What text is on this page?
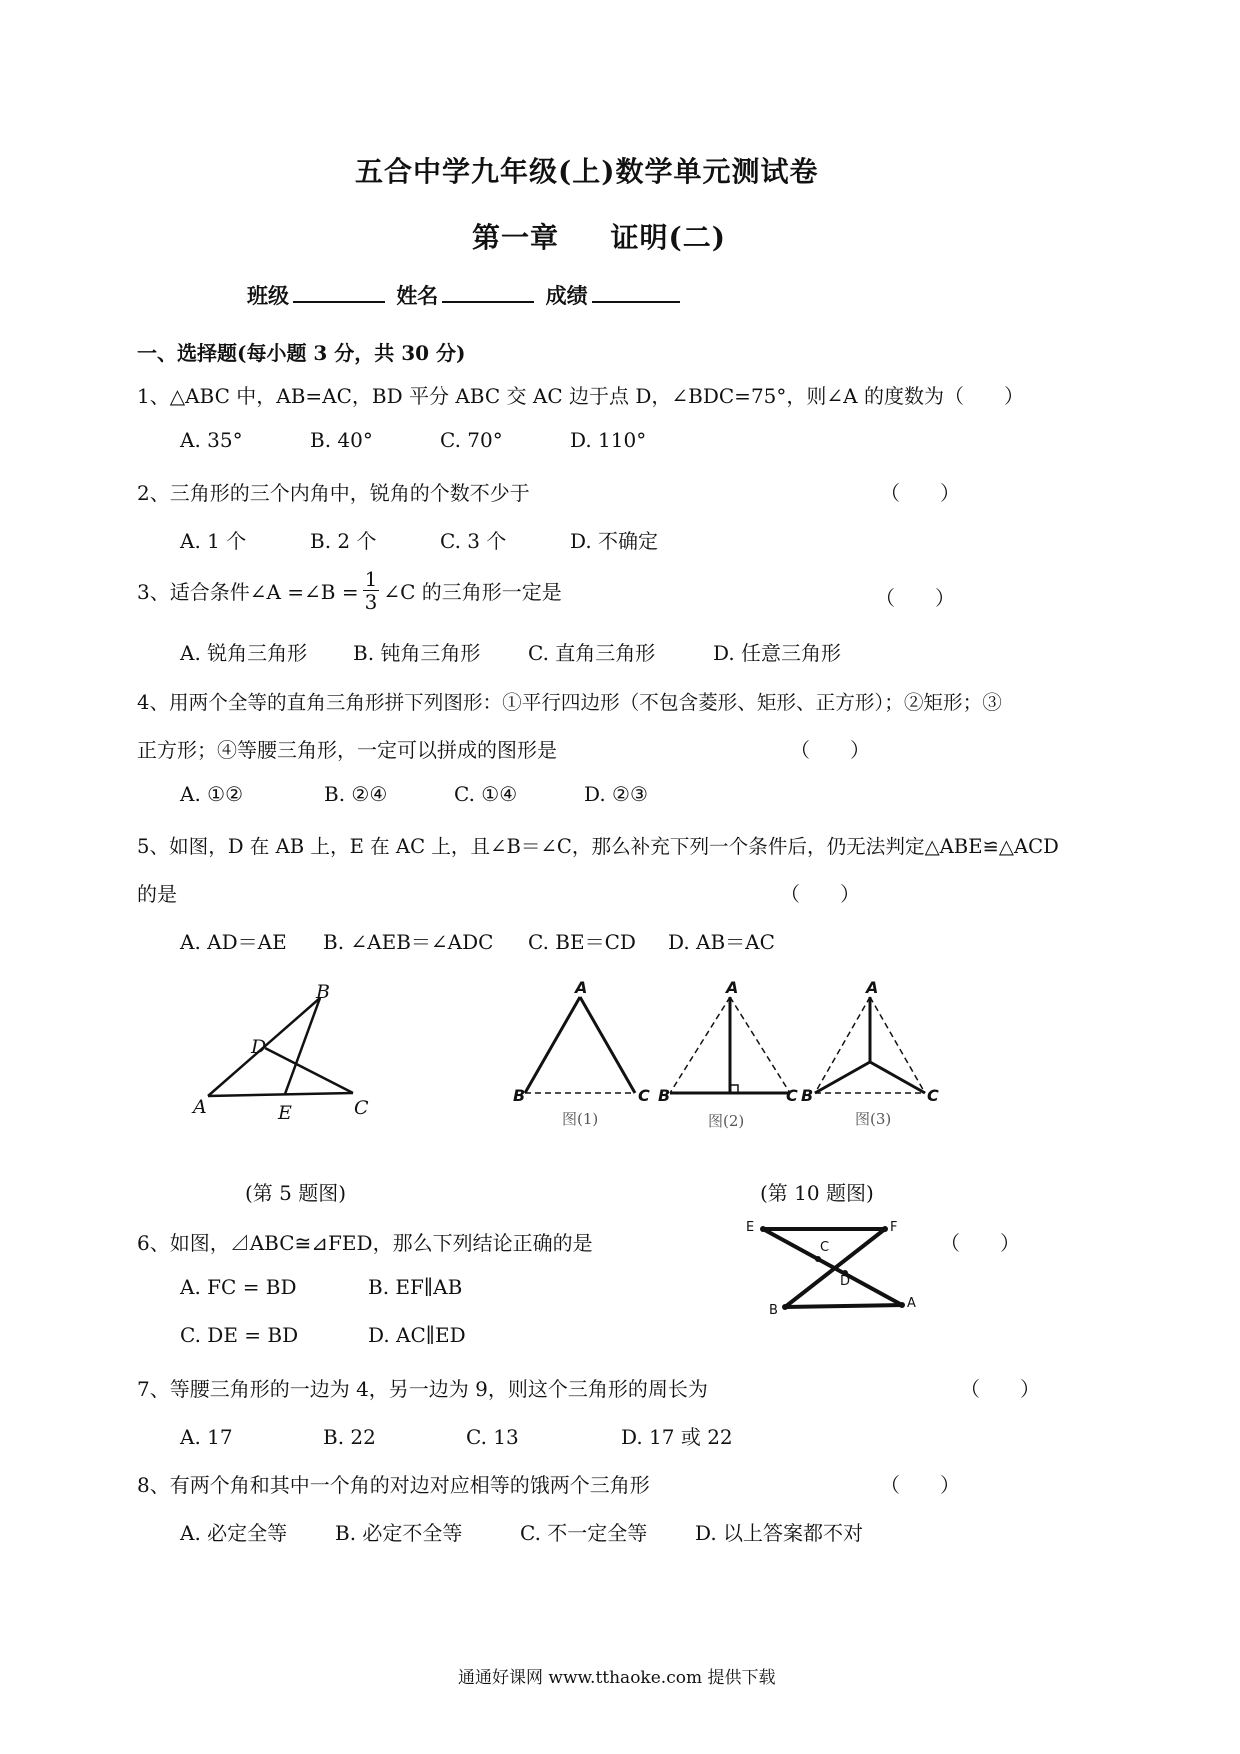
五合中学九年级(上)数学单元测试卷
第一章 证明(二)
班级	姓名	成绩
一、选择题(每小题 3 分，共 30 分)
1、△ABC 中，AB=AC，BD 平分 ABC 交 AC 边于点 D，∠BDC=75°，则∠A 的度数为（　　）
A. 35°	B. 40°	C. 70°	D. 110°
2、三角形的三个内角中，锐角的个数不少于	（　　）
A. 1 个	B. 2 个	C. 3 个	D. 不确定
3、适合条件∠A =∠B = $\frac{1}{3}$ ∠C 的三角形一定是	（　　）
A. 锐角三角形 B. 钝角三角形 C. 直角三角形	D. 任意三角形
4、用两个全等的直角三角形拼下列图形：①平行四边形（不包含菱形、矩形、正方形）；②矩形；③
正方形；④等腰三角形，一定可以拼成的图形是	（　　）
A. ①②	B. ②④	C. ①④	D. ②③
5、如图，D 在 AB 上，E 在 AC 上，且∠B＝∠C，那么补充下列一个条件后，仍无法判定△ABE≌△ACD
的是	（　　）
A. AD＝AE B. ∠AEB＝∠ADC C. BE＝CD D. AB＝AC
B
D
A	E	C
(第 5 题图)
A
B	C
A
B	C
A
B	C
图(1)	图(2)	图(3)
(第 10 题图)
6、如图，⊿ABC≅⊿FED，那么下列结论正确的是	（　　）
A. FC = BD	B. EF∥AB
C. DE = BD	D. AC∥ED
E	F
C
D
B	A
7、等腰三角形的一边为 4，另一边为 9，则这个三角形的周长为	（　　）
A. 17	B. 22	C. 13	D. 17 或 22
8、有两个角和其中一个角的对边对应相等的饿两个三角形	（　　）
A. 必定全等 B. 必定不全等	C. 不一定全等 D. 以上答案都不对
通通好课网 www.tthaoke.com 提供下载
